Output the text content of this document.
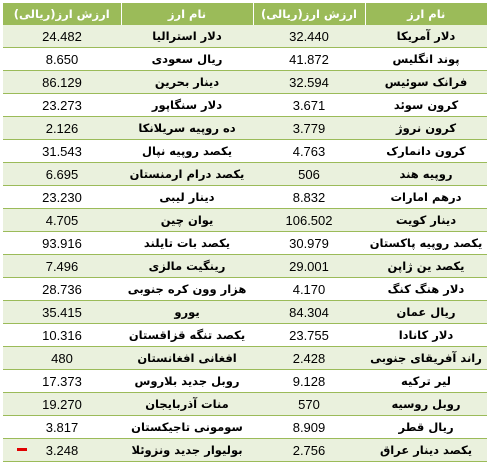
ارزش ارز(ریالی)	نام ارز	ارزش ارز(ریالی)	نام ارز
24.482	دلار استرالیا	32.440	دلار آمریکا
8.650	ریال سعودی	41.872	پوند انگلیس
86.129	دینار بحرین	32.594	فرانک سوئیس
23.273	دلار سنگاپور	3.671	کرون سوئد
2.126	ده روپیه سریلانکا	3.779	کرون نروژ
31.543	یکصد روپیه نپال	4.763	کرون دانمارک
6.695	یکصد درام ارمنستان	506	روپیه هند
23.230	دینار لیبی	8.832	درهم امارات
4.705	یوان چین	106.502	دینار کویت
93.916	یکصد بات تایلند	30.979	یکصد روپیه پاکستان
7.496	رینگیت مالزی	29.001	یکصد ین ژاپن
28.736	هزار وون کره جنوبی	4.170	دلار هنگ کنگ
35.415	یورو	84.304	ریال عمان
10.316	یکصد تنگه قزاقستان	23.755	دلار کانادا
480	افغانی افغانستان	2.428	راند آفریقای جنوبی
17.373	روبل جدید بلاروس	9.128	لیر ترکیه
19.270	منات آذربایجان	570	روبل روسیه
3.817	سومونی تاجیکستان	8.909	ریال قطر
3.248	بولیوار جدید ونزوئلا	2.756	یکصد دینار عراق
